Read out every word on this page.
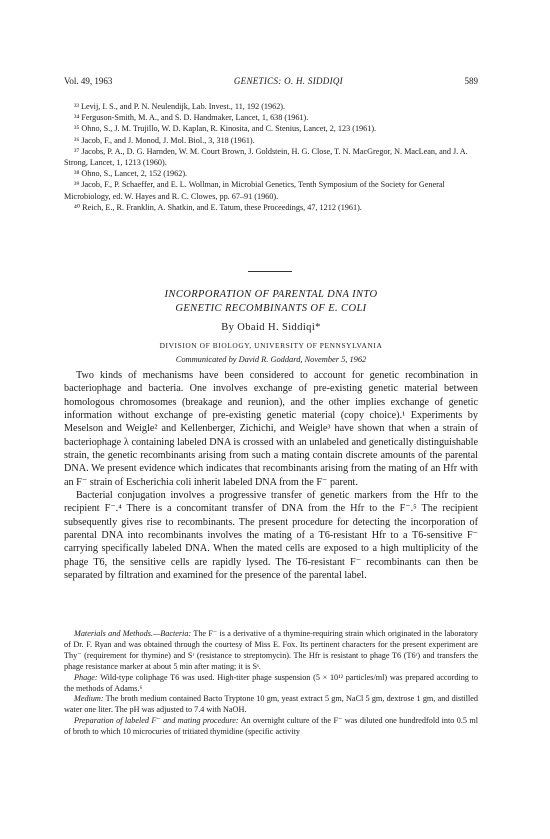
Vol. 49, 1963	GENETICS: O. H. SIDDIQI	589
³³ Levij, I. S., and P. N. Neulendijk, Lab. Invest., 11, 192 (1962).
³⁴ Ferguson-Smith, M. A., and S. D. Handmaker, Lancet, 1, 638 (1961).
³⁵ Ohno, S., J. M. Trujillo, W. D. Kaplan, R. Kinosita, and C. Stenius, Lancet, 2, 123 (1961).
³⁶ Jacob, F., and J. Monod, J. Mol. Biol., 3, 318 (1961).
³⁷ Jacobs, P. A., D. G. Harnden, W. M. Court Brown, J. Goldstein, H. G. Close, T. N. MacGregor, N. MacLean, and J. A. Strong, Lancet, 1, 1213 (1960).
³⁸ Ohno, S., Lancet, 2, 152 (1962).
³⁹ Jacob, F., P. Schaeffer, and E. L. Wollman, in Microbial Genetics, Tenth Symposium of the Society for General Microbiology, ed. W. Hayes and R. C. Clowes, pp. 67–91 (1960).
⁴⁰ Reich, E., R. Franklin, A. Shatkin, and E. Tatum, these Proceedings, 47, 1212 (1961).
INCORPORATION OF PARENTAL DNA INTO
GENETIC RECOMBINANTS OF E. COLI
By Obaid H. Siddiqi*
DIVISION OF BIOLOGY, UNIVERSITY OF PENNSYLVANIA
Communicated by David R. Goddard, November 5, 1962

Two kinds of mechanisms have been considered to account for genetic recombination in bacteriophage and bacteria. One involves exchange of pre-existing genetic material between homologous chromosomes (breakage and reunion), and the other implies exchange of genetic information without exchange of pre-existing genetic material (copy choice).¹ Experiments by Meselson and Weigle² and Kellenberger, Zichichi, and Weigle³ have shown that when a strain of bacteriophage λ containing labeled DNA is crossed with an unlabeled and genetically distinguishable strain, the genetic recombinants arising from such a mating contain discrete amounts of the parental DNA. We present evidence which indicates that recombinants arising from the mating of an Hfr with an F⁻ strain of Escherichia coli inherit labeled DNA from the F⁻ parent.

Bacterial conjugation involves a progressive transfer of genetic markers from the Hfr to the recipient F⁻.⁴ There is a concomitant transfer of DNA from the Hfr to the F⁻.⁵ The recipient subsequently gives rise to recombinants. The present procedure for detecting the incorporation of parental DNA into recombinants involves the mating of a T6-resistant Hfr to a T6-sensitive F⁻ carrying specifically labeled DNA. When the mated cells are exposed to a high multiplicity of the phage T6, the sensitive cells are rapidly lysed. The T6-resistant F⁻ recombinants can then be separated by filtration and examined for the presence of the parental label.

Materials and Methods.—Bacteria: The F⁻ is a derivative of a thymine-requiring strain which originated in the laboratory of Dr. F. Ryan and was obtained through the courtesy of Miss E. Fox. Its pertinent characters for the present experiment are Thy⁻ (requirement for thymine) and Sʳ (resistance to streptomycin). The Hfr is resistant to phage T6 (T6ʳ) and transfers the phage resistance marker at about 5 min after mating; it is Sˢ.

Phage: Wild-type coliphage T6 was used. High-titer phage suspension (5 × 10¹² particles/ml) was prepared according to the methods of Adams.⁶

Medium: The broth medium contained Bacto Tryptone 10 gm, yeast extract 5 gm, NaCl 5 gm, dextrose 1 gm, and distilled water one liter. The pH was adjusted to 7.4 with NaOH.

Preparation of labeled F⁻ and mating procedure: An overnight culture of the F⁻ was diluted one hundredfold into 0.5 ml of broth to which 10 microcuries of tritiated thymidine (specific activity
